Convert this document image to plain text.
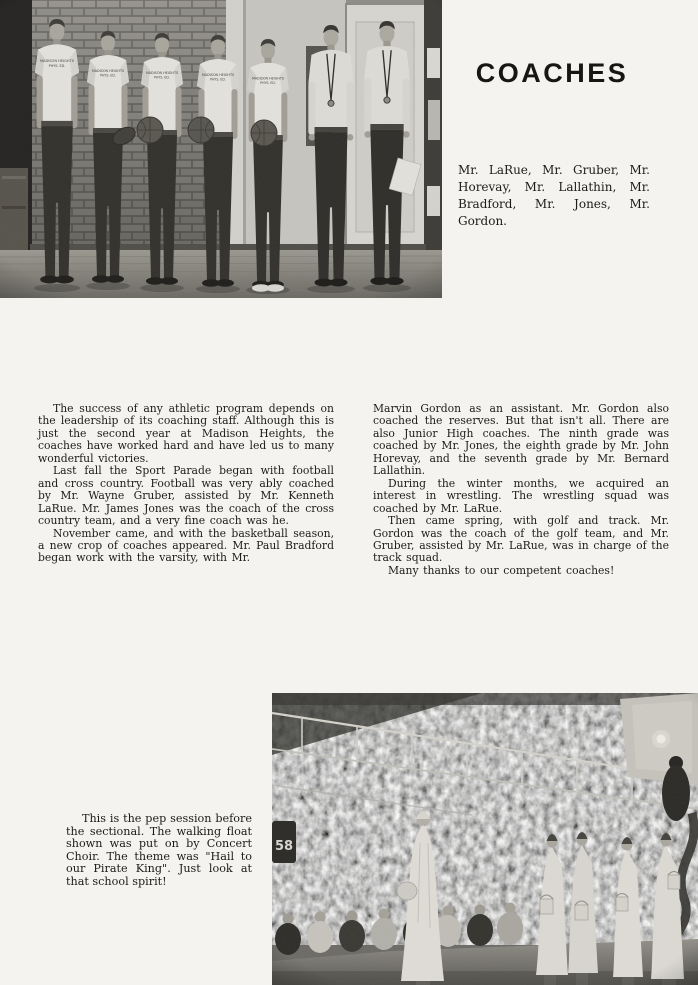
COACHES

Mr. LaRue, Mr. Gruber, Mr. Horevay, Mr. Lallathin, Mr. Bradford, Mr. Jones, Mr. Gordon.

The success of any athletic program depends on the leadership of its coaching staff. Although this is just the second year at Madison Heights, the coaches have worked hard and have led us to many wonderful victories.

Last fall the Sport Parade began with football and cross country. Football was very ably coached by Mr. Wayne Gruber, assisted by Mr. Kenneth LaRue. Mr. James Jones was the coach of the cross country team, and a very fine coach was he.

November came, and with the basketball season, a new crop of coaches appeared. Mr. Paul Bradford began work with the varsity, with Mr.

Marvin Gordon as an assistant. Mr. Gordon also coached the reserves. But that isn't all. There are also Junior High coaches. The ninth grade was coached by Mr. Jones, the eighth grade by Mr. John Horevay, and the seventh grade by Mr. Bernard Lallathin.

During the winter months, we acquired an interest in wrestling. The wrestling squad was coached by Mr. LaRue.

Then came spring, with golf and track. Mr. Gordon was the coach of the golf team, and Mr. Gruber, assisted by Mr. LaRue, was in charge of the track squad.

Many thanks to our competent coaches!

This is the pep session before the sectional. The walking float shown was put on by Concert Choir. The theme was "Hail to our Pirate King". Just look at that school spirit!
